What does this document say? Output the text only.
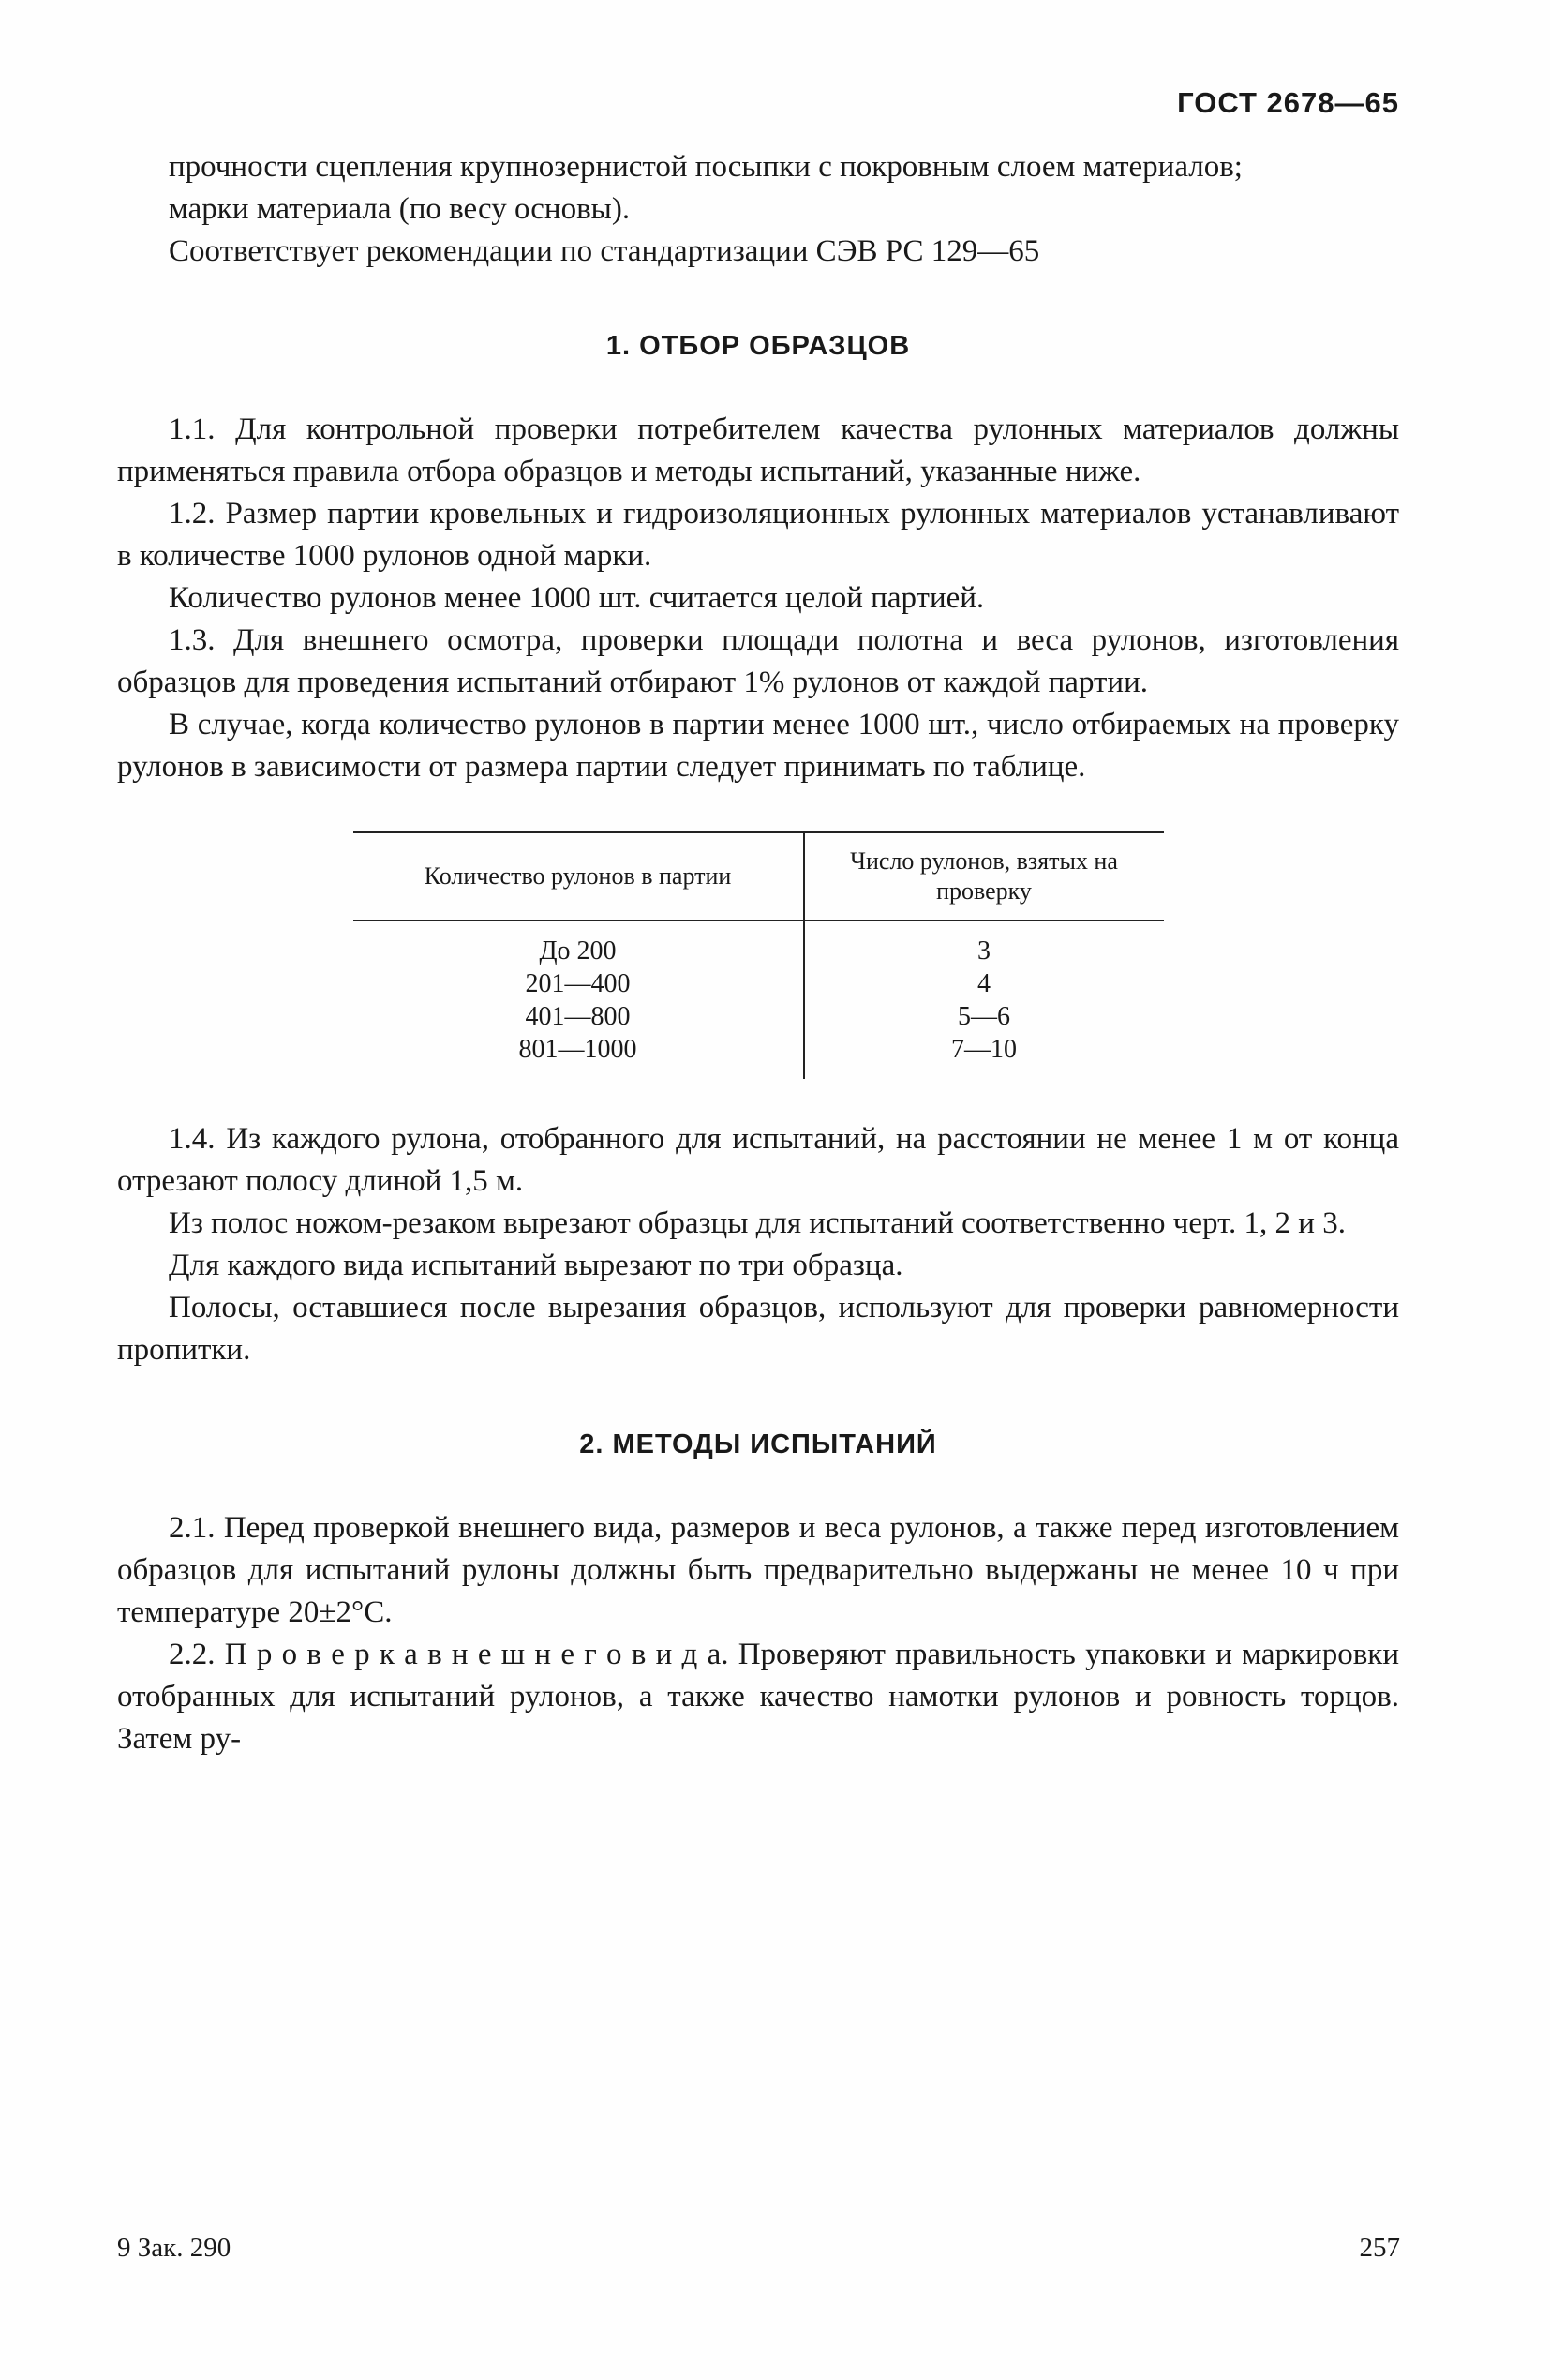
ГОСТ 2678—65

прочности сцепления крупнозернистой посыпки с покровным слоем материалов;

марки материала (по весу основы).

Соответствует рекомендации по стандартизации СЭВ РС 129—65

1. ОТБОР ОБРАЗЦОВ

1.1. Для контрольной проверки потребителем качества рулонных материалов должны применяться правила отбора образцов и методы испытаний, указанные ниже.

1.2. Размер партии кровельных и гидроизоляционных рулонных материалов устанавливают в количестве 1000 рулонов одной марки.

Количество рулонов менее 1000 шт. считается целой партией.

1.3. Для внешнего осмотра, проверки площади полотна и веса рулонов, изготовления образцов для проведения испытаний отбирают 1% рулонов от каждой партии.

В случае, когда количество рулонов в партии менее 1000 шт., число отбираемых на проверку рулонов в зависимости от размера партии следует принимать по таблице.

Количество рулонов в партии	Число рулонов, взятых на проверку
До 200	3
201—400	4
401—800	5—6
801—1000	7—10

1.4. Из каждого рулона, отобранного для испытаний, на расстоянии не менее 1 м от конца отрезают полосу длиной 1,5 м.

Из полос ножом-резаком вырезают образцы для испытаний соответственно черт. 1, 2 и 3.

Для каждого вида испытаний вырезают по три образца.

Полосы, оставшиеся после вырезания образцов, используют для проверки равномерности пропитки.

2. МЕТОДЫ ИСПЫТАНИЙ

2.1. Перед проверкой внешнего вида, размеров и веса рулонов, а также перед изготовлением образцов для испытаний рулоны должны быть предварительно выдержаны не менее 10 ч при температуре 20±2°С.

2.2. П р о в е р к а в н е ш н е г о в и д а. Проверяют правильность упаковки и маркировки отобранных для испытаний рулонов, а также качество намотки рулонов и ровность торцов. Затем ру-

9 Зак. 290	257
